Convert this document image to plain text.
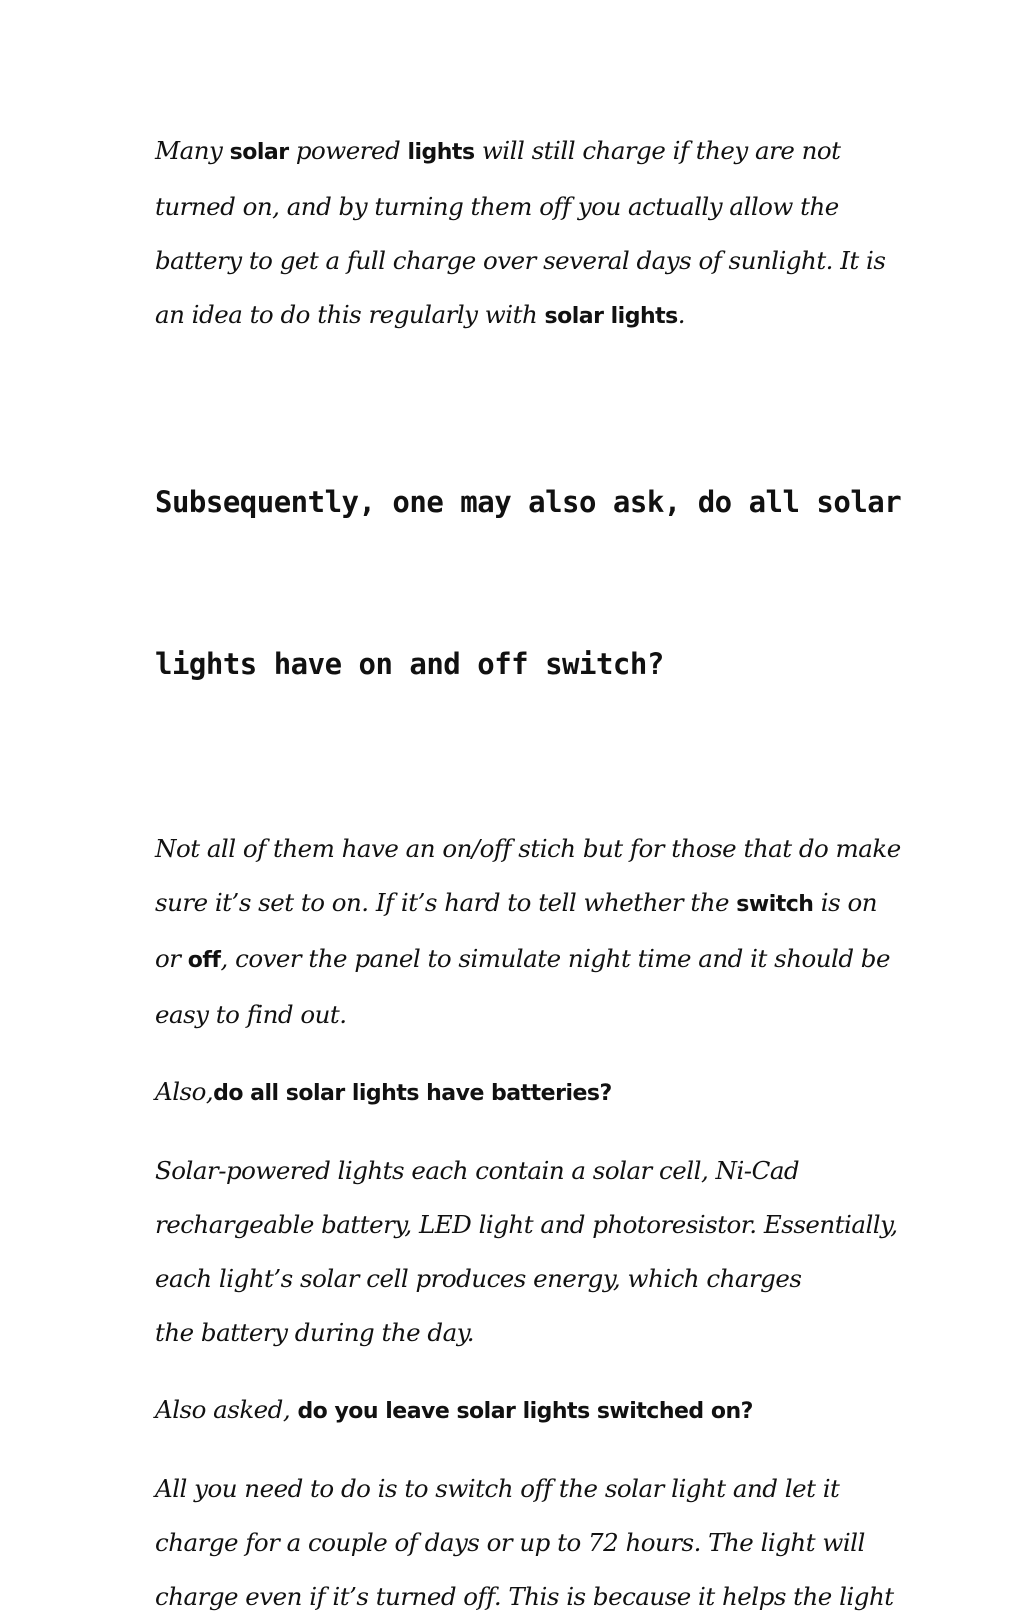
Many solar powered lights will still charge if they are not
turned on, and by turning them off you actually allow the
battery to get a full charge over several days of sunlight. It is
an idea to do this regularly with solar lights.

Subsequently, one may also ask, do all solar

lights have on and off switch?

Not all of them have an on/off stich but for those that do make
sure it’s set to on. If it’s hard to tell whether the switch is on
or off, cover the panel to simulate night time and it should be
easy to find out.

Also,do all solar lights have batteries?

Solar-powered lights each contain a solar cell, Ni-Cad
rechargeable battery, LED light and photoresistor. Essentially,
each light’s solar cell produces energy, which charges
the battery during the day.

Also asked, do you leave solar lights switched on?

All you need to do is to switch off the solar light and let it
charge for a couple of days or up to 72 hours. The light will
charge even if it’s turned off. This is because it helps the light
